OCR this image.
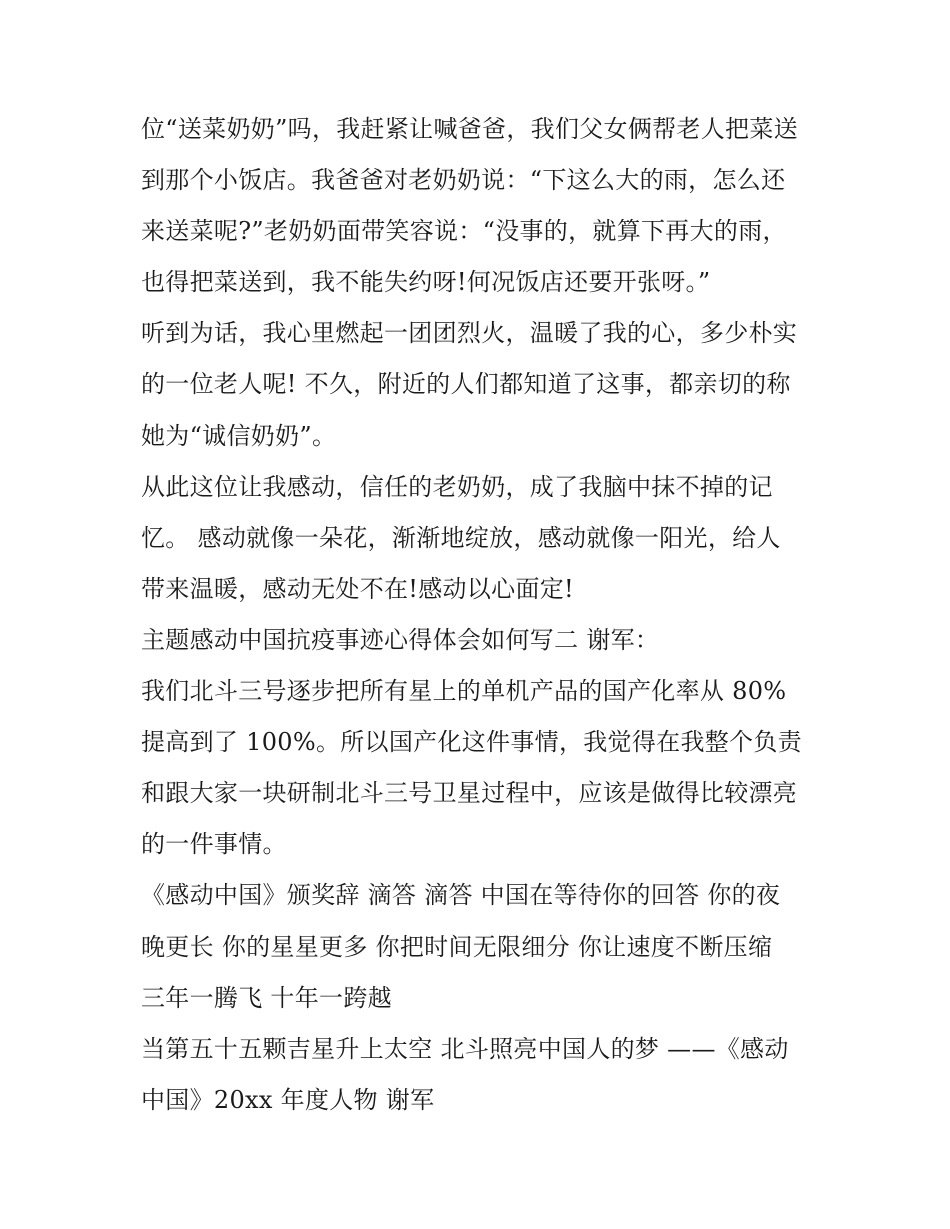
位“送菜奶奶”吗，我赶紧让喊爸爸，我们父女俩帮老人把菜送
到那个小饭店。我爸爸对老奶奶说：“下这么大的雨，怎么还
来送菜呢?”老奶奶面带笑容说：“没事的，就算下再大的雨，
也得把菜送到，我不能失约呀!何况饭店还要开张呀。”
听到为话，我心里燃起一团团烈火，温暖了我的心，多少朴实
的一位老人呢! 不久，附近的人们都知道了这事，都亲切的称
她为“诚信奶奶”。
从此这位让我感动，信任的老奶奶，成了我脑中抹不掉的记
忆。 感动就像一朵花，渐渐地绽放，感动就像一阳光，给人
带来温暖，感动无处不在!感动以心面定!
主题感动中国抗疫事迹心得体会如何写二 谢军：
我们北斗三号逐步把所有星上的单机产品的国产化率从 80%
提高到了 100%。所以国产化这件事情，我觉得在我整个负责
和跟大家一块研制北斗三号卫星过程中，应该是做得比较漂亮
的一件事情。
《感动中国》颁奖辞 滴答 滴答 中国在等待你的回答 你的夜
晚更长 你的星星更多 你把时间无限细分 你让速度不断压缩
三年一腾飞 十年一跨越
当第五十五颗吉星升上太空 北斗照亮中国人的梦 ——《感动
中国》20xx 年度人物 谢军
